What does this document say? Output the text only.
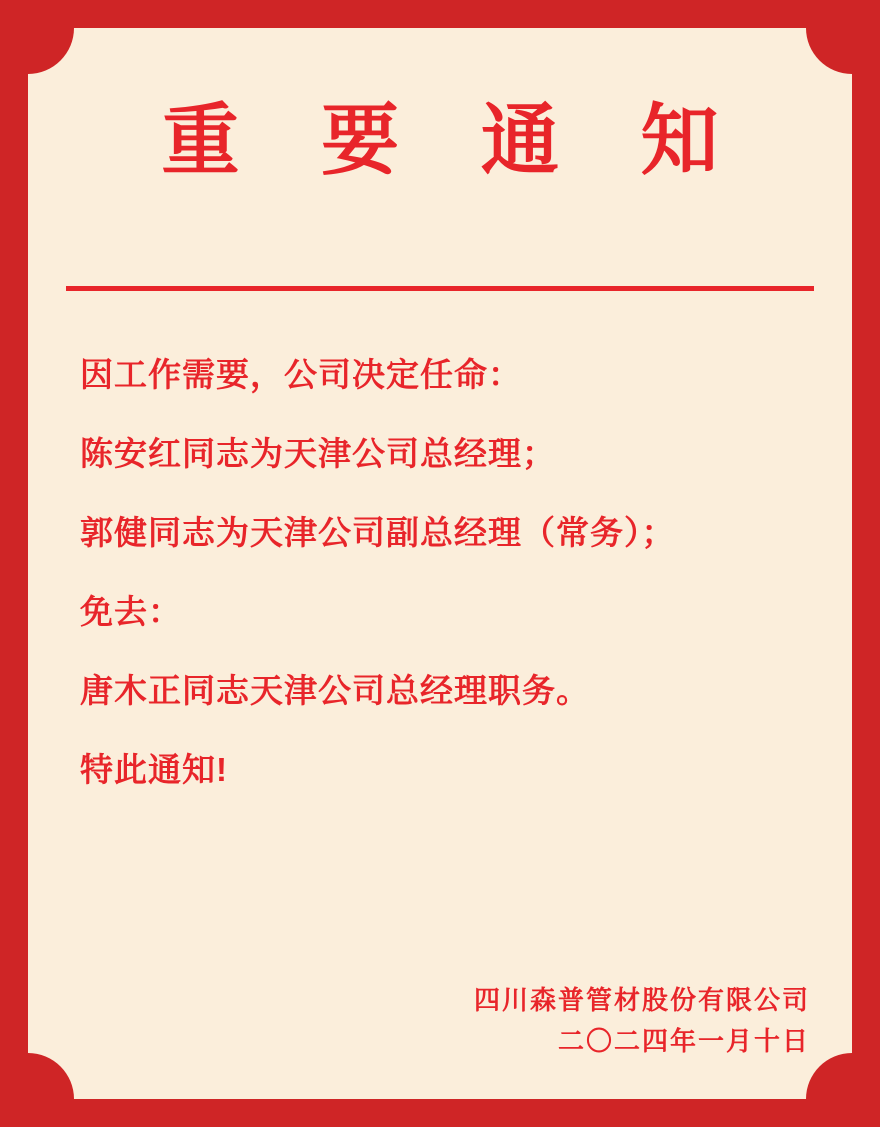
重 要 通 知
因工作需要，公司决定任命：
陈安红同志为天津公司总经理；
郭健同志为天津公司副总经理（常务）；
免去：
唐木正同志天津公司总经理职务。
特此通知!
四川森普管材股份有限公司
二〇二四年一月十日
